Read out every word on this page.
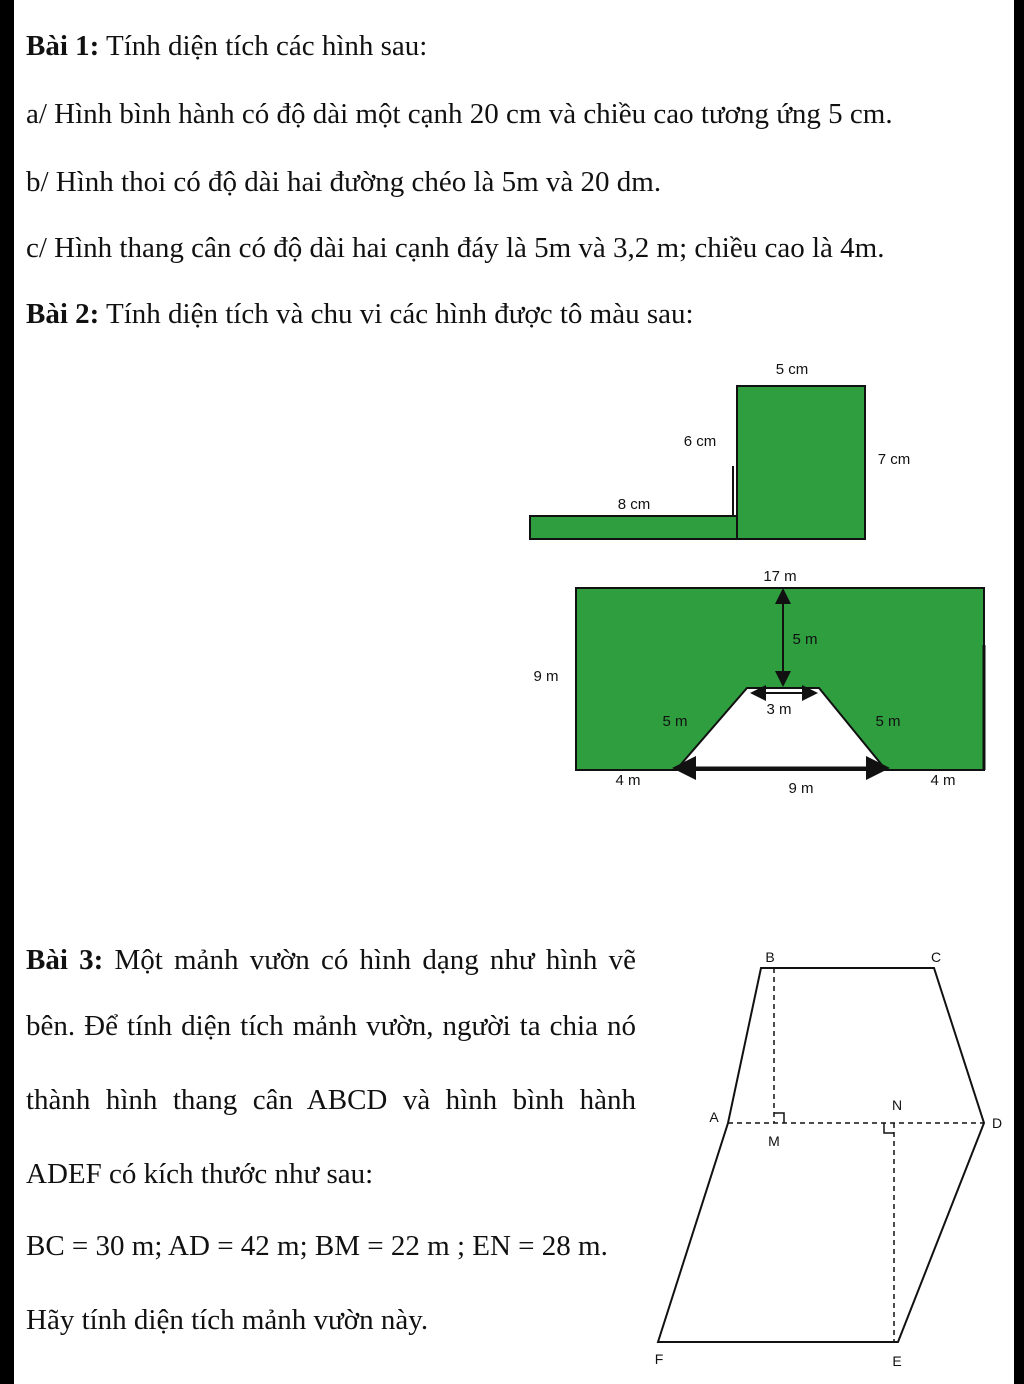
Bài 1: Tính diện tích các hình sau:
a/ Hình bình hành có độ dài một cạnh 20 cm và chiều cao tương ứng 5 cm.
b/ Hình thoi có độ dài hai đường chéo là 5m và 20 dm.
c/ Hình thang cân có độ dài hai cạnh đáy là 5m và 3,2 m; chiều cao là 4m.
Bài 2: Tính diện tích và chu vi các hình được tô màu sau:
5 cm
6 cm
7 cm
8 cm
17 m
9 m
5 m
3 m
5 m	5 m
4 m	9 m	4 m
Bài 3: Một mảnh vườn có hình dạng như hình vẽ
bên. Để tính diện tích mảnh vườn, người ta chia nó
thành hình thang cân ABCD và hình bình hành
ADEF có kích thước như sau:
BC = 30 m; AD = 42 m; BM = 22 m ; EN = 28 m.
Hãy tính diện tích mảnh vườn này.
B	C
A	D
M
N
F	E
